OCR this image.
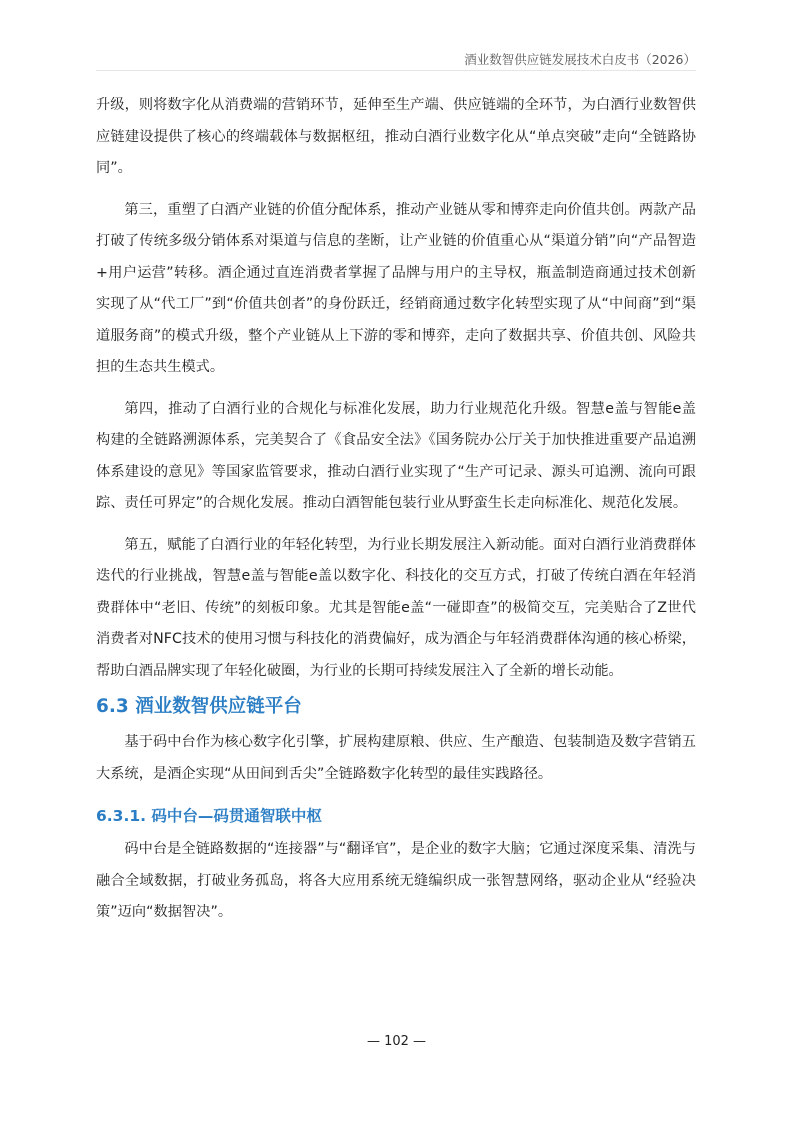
酒业数智供应链发展技术白皮书（2026）

升级，则将数字化从消费端的营销环节，延伸至生产端、供应链端的全环节，为白酒行业数智供应链建设提供了核心的终端载体与数据枢纽，推动白酒行业数字化从“单点突破”走向“全链路协同”。

第三，重塑了白酒产业链的价值分配体系，推动产业链从零和博弈走向价值共创。两款产品打破了传统多级分销体系对渠道与信息的垄断，让产业链的价值重心从“渠道分销”向“产品智造+用户运营”转移。酒企通过直连消费者掌握了品牌与用户的主导权，瓶盖制造商通过技术创新实现了从“代工厂”到“价值共创者”的身份跃迁，经销商通过数字化转型实现了从“中间商”到“渠道服务商”的模式升级，整个产业链从上下游的零和博弈，走向了数据共享、价值共创、风险共担的生态共生模式。

第四，推动了白酒行业的合规化与标准化发展，助力行业规范化升级。智慧e盖与智能e盖构建的全链路溯源体系，完美契合了《食品安全法》《国务院办公厅关于加快推进重要产品追溯体系建设的意见》等国家监管要求，推动白酒行业实现了“生产可记录、源头可追溯、流向可跟踪、责任可界定”的合规化发展。推动白酒智能包装行业从野蛮生长走向标准化、规范化发展。

第五，赋能了白酒行业的年轻化转型，为行业长期发展注入新动能。面对白酒行业消费群体迭代的行业挑战，智慧e盖与智能e盖以数字化、科技化的交互方式，打破了传统白酒在年轻消费群体中“老旧、传统”的刻板印象。尤其是智能e盖“一碰即查”的极简交互，完美贴合了Z世代消费者对NFC技术的使用习惯与科技化的消费偏好，成为酒企与年轻消费群体沟通的核心桥梁，帮助白酒品牌实现了年轻化破圈，为行业的长期可持续发展注入了全新的增长动能。

6.3 酒业数智供应链平台

基于码中台作为核心数字化引擎，扩展构建原粮、供应、生产酿造、包装制造及数字营销五大系统，是酒企实现“从田间到舌尖”全链路数字化转型的最佳实践路径。

6.3.1. 码中台—码贯通智联中枢

码中台是全链路数据的“连接器”与“翻译官”，是企业的数字大脑；它通过深度采集、清洗与融合全域数据，打破业务孤岛，将各大应用系统无缝编织成一张智慧网络，驱动企业从“经验决策”迈向“数据智决”。

— 102 —
